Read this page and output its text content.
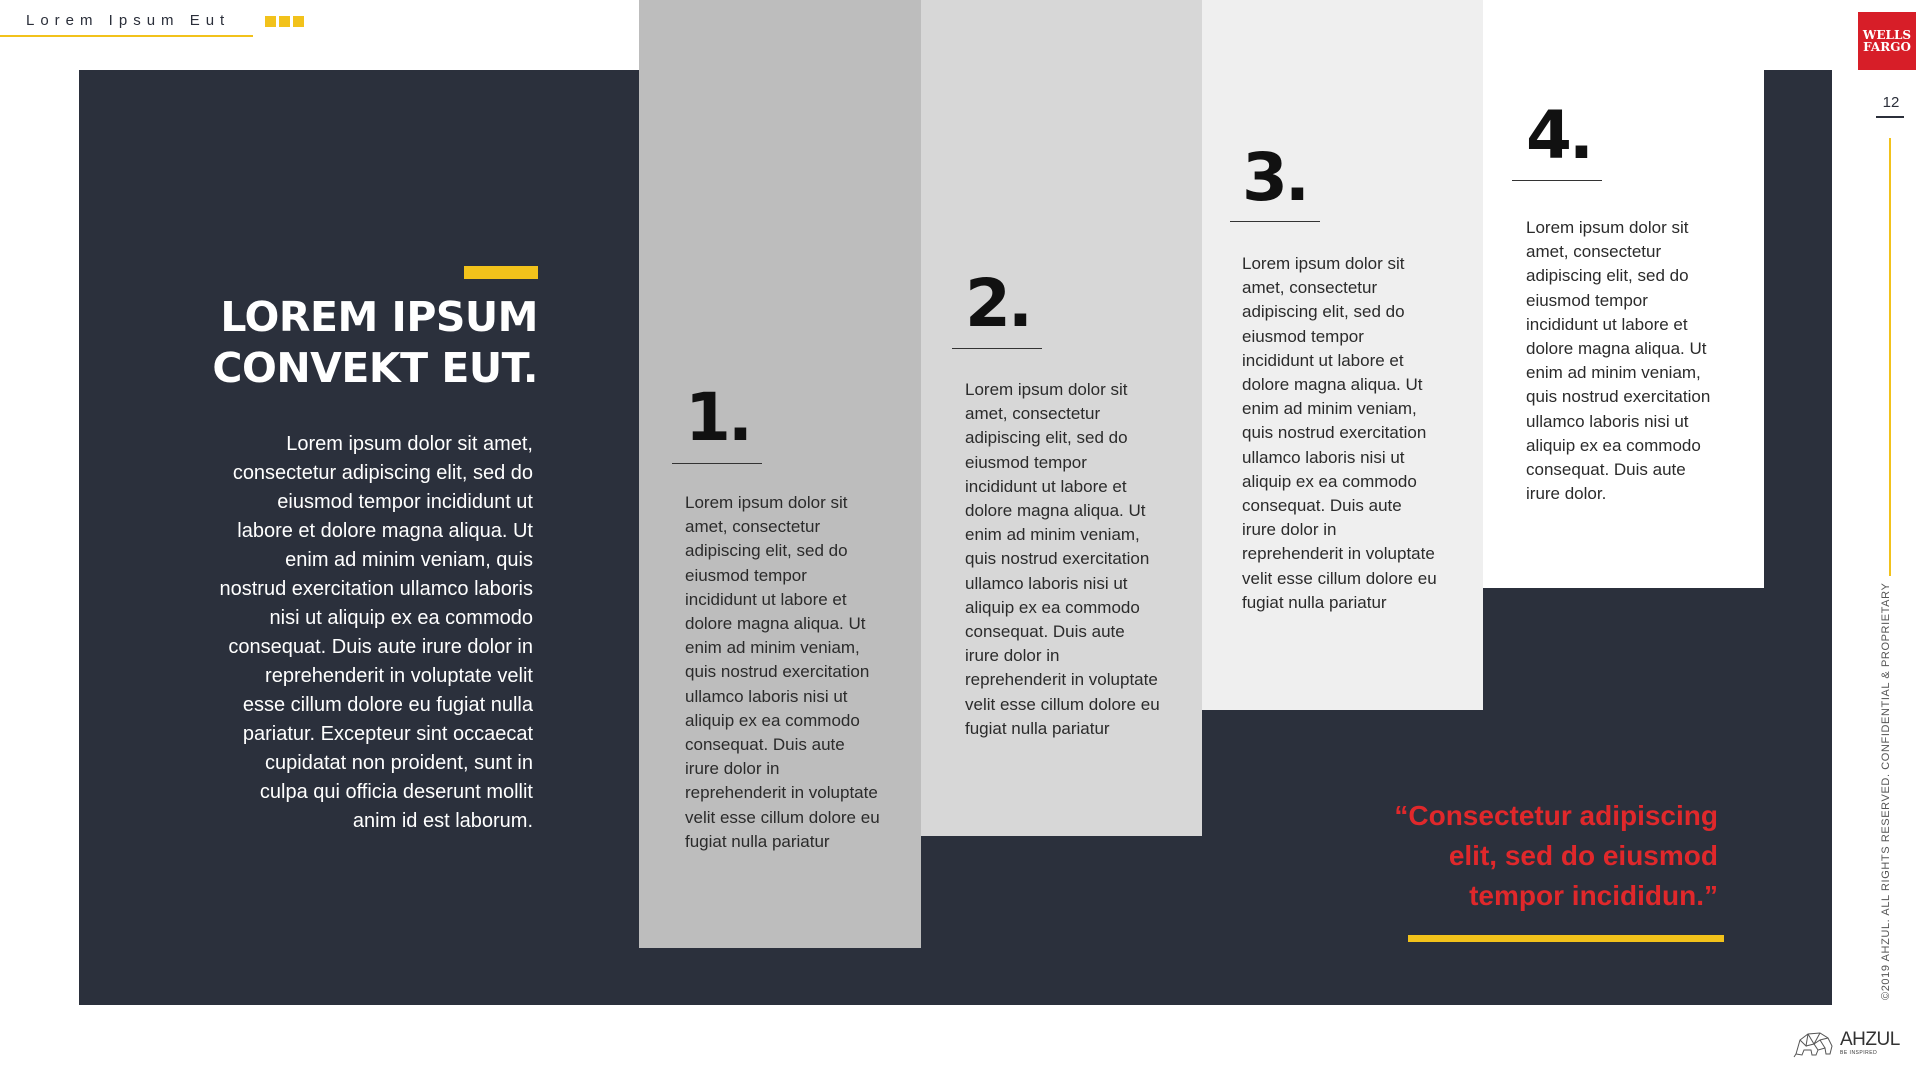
Lorem Ipsum Eut
LOREM IPSUM
CONVEKT EUT.
Lorem ipsum dolor sit amet, consectetur adipiscing elit, sed do eiusmod tempor incididunt ut labore et dolore magna aliqua. Ut enim ad minim veniam, quis nostrud exercitation ullamco laboris nisi ut aliquip ex ea commodo consequat. Duis aute irure dolor in reprehenderit in voluptate velit esse cillum dolore eu fugiat nulla pariatur. Excepteur sint occaecat cupidatat non proident, sunt in culpa qui officia deserunt mollit anim id est laborum.
1.
Lorem ipsum dolor sit amet, consectetur adipiscing elit, sed do eiusmod tempor incididunt ut labore et dolore magna aliqua. Ut enim ad minim veniam, quis nostrud exercitation ullamco laboris nisi ut aliquip ex ea commodo consequat. Duis aute irure dolor in reprehenderit in voluptate velit esse cillum dolore eu fugiat nulla pariatur
2.
Lorem ipsum dolor sit amet, consectetur adipiscing elit, sed do eiusmod tempor incididunt ut labore et dolore magna aliqua. Ut enim ad minim veniam, quis nostrud exercitation ullamco laboris nisi ut aliquip ex ea commodo consequat. Duis aute irure dolor in reprehenderit in voluptate velit esse cillum dolore eu fugiat nulla pariatur
3.
Lorem ipsum dolor sit amet, consectetur adipiscing elit, sed do eiusmod tempor incididunt ut labore et dolore magna aliqua. Ut enim ad minim veniam, quis nostrud exercitation ullamco laboris nisi ut aliquip ex ea commodo consequat. Duis aute irure dolor in reprehenderit in voluptate velit esse cillum dolore eu fugiat nulla pariatur
4.
Lorem ipsum dolor sit amet, consectetur adipiscing elit, sed do eiusmod tempor incididunt ut labore et dolore magna aliqua. Ut enim ad minim veniam, quis nostrud exercitation ullamco laboris nisi ut aliquip ex ea commodo consequat. Duis aute irure dolor.
“Consectetur adipiscing elit, sed do eiusmod tempor incididun.”
WELLS
FARGO
12
©2019 AHZUL. ALL RIGHTS RESERVED. CONFIDENTIAL & PROPRIETARY
AHZUL
BE INSPIRED
